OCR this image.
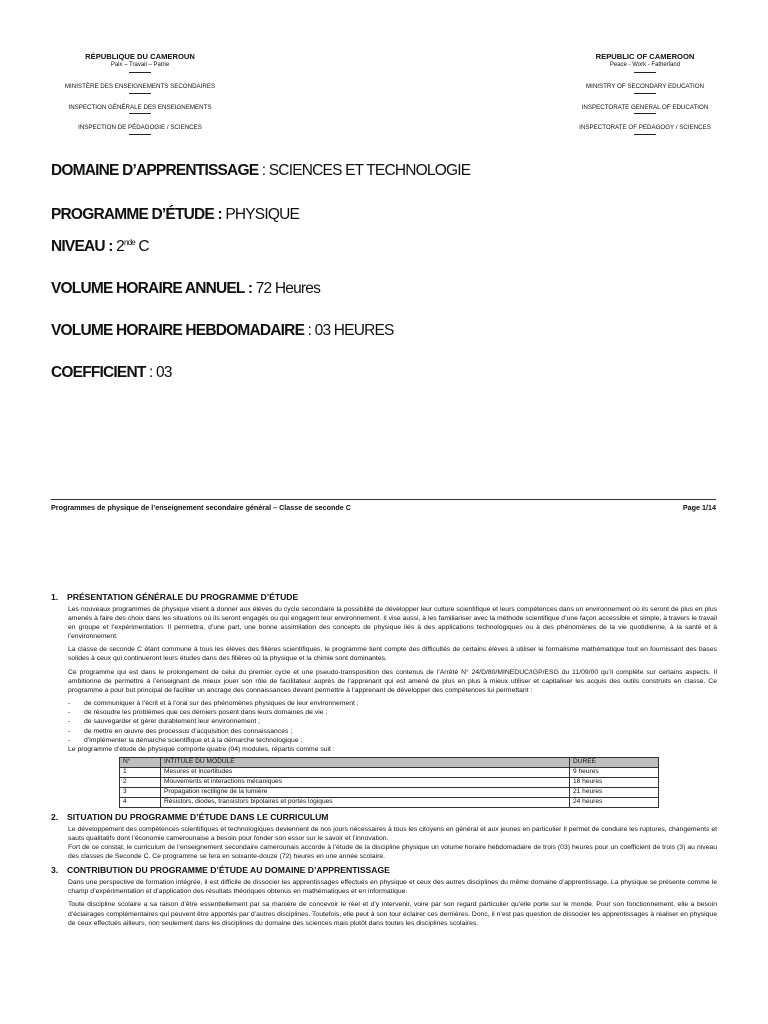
RÉPUBLIQUE DU CAMEROUN
Paix – Travail – Patrie
MINISTÈRE DES ENSEIGNEMENTS SECONDAIRES
INSPECTION GÉNÉRALE DES ENSEIGNEMENTS
INSPECTION DE PÉDAGOGIE / SCIENCES
REPUBLIC OF CAMEROON
Peace - Work - Fatherland
MINISTRY OF SECONDARY EDUCATION
INSPECTORATE GENERAL OF EDUCATION
INSPECTORATE OF PEDAGOGY / SCIENCES
DOMAINE D’APPRENTISSAGE : SCIENCES ET TECHNOLOGIE
PROGRAMME D’ÉTUDE : PHYSIQUE
NIVEAU : 2nde C
VOLUME HORAIRE ANNUEL : 72 Heures
VOLUME HORAIRE HEBDOMADAIRE : 03 HEURES
COEFFICIENT : 03
Programmes de physique de l’enseignement secondaire général – Classe de seconde C	Page 1/14
1. PRÉSENTATION GÉNÉRALE DU PROGRAMME D’ÉTUDE

Les nouveaux programmes de physique visent à donner aux élèves du cycle secondaire la possibilité de développer leur culture scientifique et leurs compétences dans un environnement où ils seront de plus en plus amenés à faire des choix dans les situations où ils seront engagés ou qui engagent leur environnement. Il vise aussi, à les familiariser avec la méthode scientifique d’une façon accessible et simple, à travers le travail en groupe et l’expérimentation. Il permettra, d’une part, une bonne assimilation des concepts de physique liés à des applications technologiques ou à des phénomènes de la vie quotidienne, à la santé et à l’environnement.

La classe de seconde C étant commune à tous les élèves des filières scientifiques, le programme tient compte des difficultés de certains élèves à utiliser le formalisme mathématique tout en fournissant des bases solides à ceux qui continueront leurs études dans des filières où la physique et la chimie sont dominantes.

Ce programme qui est dans le prolongement de celui du premier cycle et une pseudo-transposition des contenus de l’Arrêté N° 24/D/80/MINEDUC/IGP/ESG du 11/09/00 qu’il complète sur certains aspects. Il ambitionne de permettre à l’enseignant de mieux jouer son rôle de facilitateur auprès de l’apprenant qui est amené de plus en plus à mieux utiliser et capitaliser les acquis des outils construits en classe. Ce programme a pour but principal de faciliter un ancrage des connaissances devant permettre à l’apprenant de développer des compétences lui permettant :

- de communiquer à l’écrit et à l’oral sur des phénomènes physiques de leur environnement ;
- de résoudre les problèmes que ces derniers posent dans leurs domaines de vie ;
- de sauvegarder et gérer durablement leur environnement ;
- de mettre en œuvre des processus d’acquisition des connaissances ;
- d’implémenter la démarche scientifique et à la démarche technologique ;

Le programme d’étude de physique comporte quatre (04) modules, répartis comme suit :

N°	INTITULE DU MODULE	DURÉE
1	Mesures et incertitudes	9 heures
2	Mouvements et interactions mécaniques	18 heures
3	Propagation rectiligne de la lumière	21 heures
4	Résistors, diodes, transistors bipolaires et portes logiques	24 heures
2. SITUATION DU PROGRAMME D’ÉTUDE DANS LE CURRICULUM

Le développement des compétences scientifiques et technologiques deviennent de nos jours nécessaires à tous les citoyens en général et aux jeunes en particulier Il permet de conduire les ruptures, changements et sauts qualitatifs dont l’économie camerounaise a besoin pour fonder son essor sur le savoir et l’innovation.

Fort de ce constat, le curriculum de l’enseignement secondaire camerounais accorde à l’étude de la discipline physique un volume horaire hebdomadaire de trois (03) heures pour un coefficient de trois (3) au niveau des classes de Seconde C. Ce programme se fera en soixante-douze (72) heures en une année scolaire.

3. CONTRIBUTION DU PROGRAMME D’ÉTUDE AU DOMAINE D’APPRENTISSAGE

Dans une perspective de formation intégrée, il est difficile de dissocier les apprentissages effectués en physique et ceux des autres disciplines du même domaine d’apprentissage. La physique se présente comme le champ d’expérimentation et d’application des résultats théoriques obtenus en mathématiques et en informatique.

Toute discipline scolaire a sa raison d’être essentiellement par sa manière de concevoir le réel et d’y intervenir, voire par son regard particulier qu’elle porte sur le monde. Pour son fonctionnement, elle a besoin d’éclairages complémentaires qui peuvent être apportés par d’autres disciplines. Toutefois, elle peut à son tour éclairer ces dernières. Donc, il n’est pas question de dissocier les apprentissages à réaliser en physique de ceux effectués ailleurs, non seulement dans les disciplines du domaine des sciences mais plutôt dans toutes les disciplines scolaires.
